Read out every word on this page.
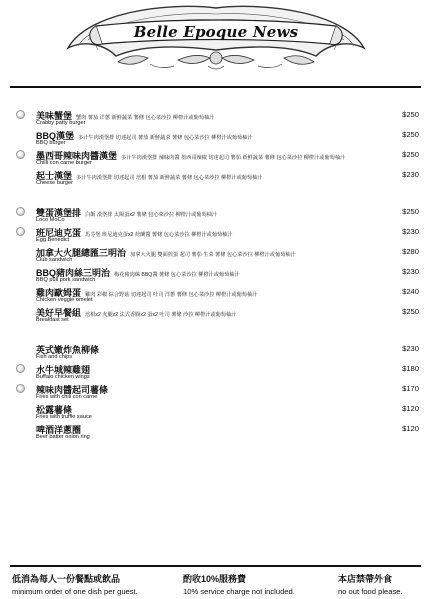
Belle Epoque News
美味蟹堡 蟹肉 薯茄 洋蔥 新鮮蔬菜 薯條 包心菜沙拉 柳橙汁或葡萄柚汁
Crabby patty burger
$250
BBQ漢堡 多汁牛肉漢堡排 切達起司 薯茄 新鮮蔬菜 薯條 包心菜沙拉 柳橙汁或葡萄柚汁
BBQ burger
$250
墨西哥辣味肉醬漢堡 多汁牛肉漢堡排 辣味肉醬 墨西哥辣椒 切達起司 薯茄 新鮮蔬菜 薯條 包心菜沙拉 柳橙汁或葡萄柚汁
Chilli con carne burger
$250
起士漢堡 多汁牛肉漢堡排 切達起司 培根 薯茄 新鮮蔬菜 薯條 包心菜沙拉 柳橙汁或葡萄柚汁
Cheese burger
$230
雙蛋漢堡排 白飯 漢堡排 太陽蛋x2 薯條 包心菜沙拉 柳橙汁或葡萄柚汁
Loco MoCo
$250
班尼迪克蛋 馬芬堡 班尼迪克蛋x2 荷蘭醬 薯條 包心菜沙拉 柳橙汁或葡萄柚汁
Egg Benedict
$230
加拿大火腿總匯三明治 加拿大火腿 雙面煎蛋 起司 薯茄 生菜 薯條 包心菜沙拉 柳橙汁或葡萄柚汁
Club sandwich
$280
BBQ豬肉絲三明治 梅花豬肉絲 BBQ醬 薯條 包心菜沙拉 柳橙汁或葡萄柚汁
BBQ pull pork sandwich
$230
雞肉歐姆蛋 雞肉 彩椒 綜合野菇 切達起司 吐司 洋蔥 薯條 包心菜沙拉 柳橙汁或葡萄柚汁
Chicken veggie omelet
$240
美好早餐組 培根x2 火腿x2 法式香腸x2 蛋x2 吐司 薯條 沙拉 柳橙汁或葡萄柚汁
Breakfast set
$250
英式嫩炸魚柳條
Fish and chips
$230
水牛城辣雞翅
Buffalo chicken wings
$180
辣味肉醬起司薯條
Fries with chili con carne
$170
松露薯條
Fries with truffle sauce
$120
啤酒洋蔥圈
Beer batter onion ring
$120
低消為每人一份餐點或飲品
minimum order of one dish per guest.
酌收10%服務費
10% service charge not included.
本店禁帶外食
no out food please.
